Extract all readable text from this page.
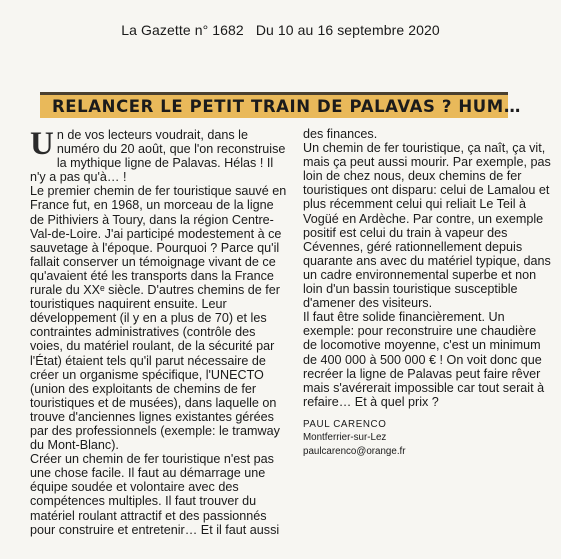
La Gazette n° 1682 Du 10 au 16 septembre 2020
RELANCER LE PETIT TRAIN DE PALAVAS ? HUM…

Un de vos lecteurs voudrait, dans le numéro du 20 août, que l'on reconstruise la mythique ligne de Palavas. Hélas ! Il n'y a pas qu'à… !

Le premier chemin de fer touristique sauvé en France fut, en 1968, un morceau de la ligne de Pithiviers à Toury, dans la région Centre-Val-de-Loire. J'ai participé modestement à ce sauvetage à l'époque. Pourquoi ? Parce qu'il fallait conserver un témoignage vivant de ce qu'avaient été les transports dans la France rurale du XXᵉ siècle. D'autres chemins de fer touristiques naquirent ensuite. Leur développement (il y en a plus de 70) et les contraintes administratives (contrôle des voies, du matériel roulant, de la sécurité par l'État) étaient tels qu'il parut nécessaire de créer un organisme spécifique, l'UNECTO (union des exploitants de chemins de fer touristiques et de musées), dans laquelle on trouve d'anciennes lignes existantes gérées par des professionnels (exemple: le tramway du Mont-Blanc).

Créer un chemin de fer touristique n'est pas une chose facile. Il faut au démarrage une équipe soudée et volontaire avec des compétences multiples. Il faut trouver du matériel roulant attractif et des passionnés pour construire et entretenir… Et il faut aussi

des finances.

Un chemin de fer touristique, ça naît, ça vit, mais ça peut aussi mourir. Par exemple, pas loin de chez nous, deux chemins de fer touristiques ont disparu: celui de Lamalou et plus récemment celui qui reliait Le Teil à Vogüé en Ardèche. Par contre, un exemple positif est celui du train à vapeur des Cévennes, géré rationnellement depuis quarante ans avec du matériel typique, dans un cadre environnemental superbe et non loin d'un bassin touristique susceptible d'amener des visiteurs.

Il faut être solide financièrement. Un exemple: pour reconstruire une chaudière de locomotive moyenne, c'est un minimum de 400 000 à 500 000 € ! On voit donc que recréer la ligne de Palavas peut faire rêver mais s'avérerait impossible car tout serait à refaire… Et à quel prix ?

PAUL CARENCO
Montferrier-sur-Lez
paulcarenco@orange.fr
